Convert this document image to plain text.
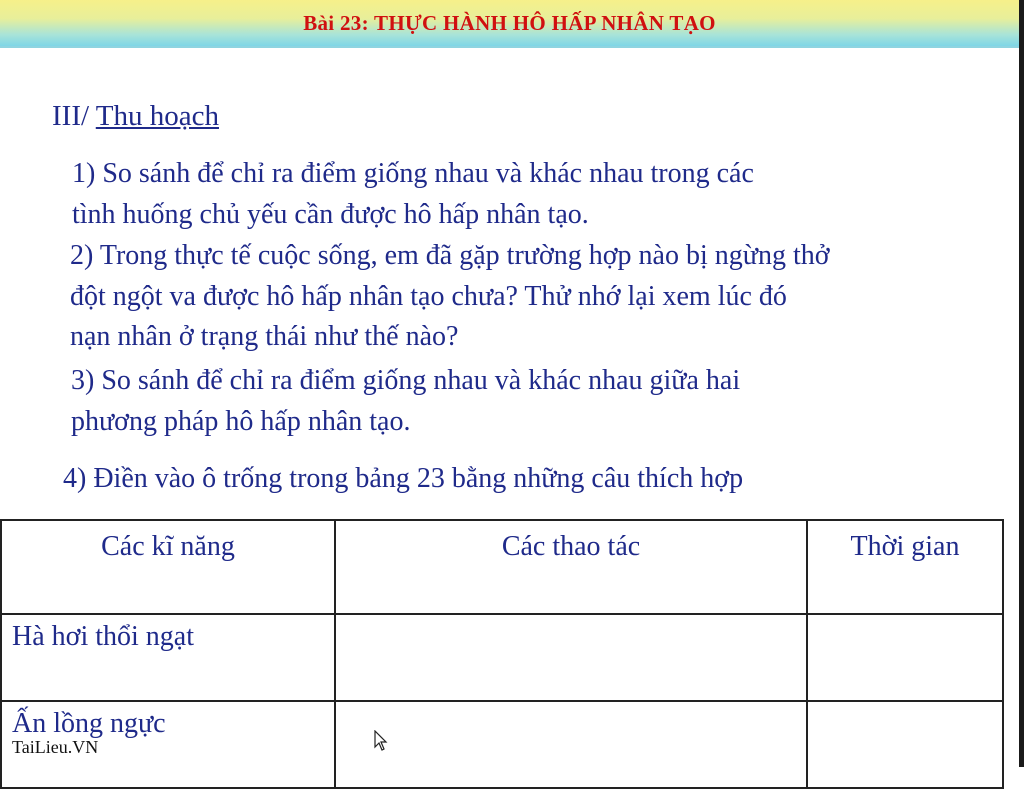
Bài 23: THỰC HÀNH HÔ HẤP NHÂN TẠO
III/ Thu hoạch
1) So sánh để chỉ ra điểm giống nhau và khác nhau trong các
tình huống chủ yếu cần được hô hấp nhân tạo.
2) Trong thực tế cuộc sống, em đã gặp trường hợp nào bị ngừng thở
đột ngột va được hô hấp nhân tạo chưa? Thử nhớ lại xem lúc đó
nạn nhân ở trạng thái như thế nào?
3) So sánh để chỉ ra điểm giống nhau và khác nhau giữa hai
phương pháp hô hấp nhân tạo.
4) Điền vào ô trống trong bảng 23 bằng những câu thích hợp
Các kĩ năng	Các thao tác	Thời gian
Hà hơi thổi ngạt		
Ấn lồng ngực		
TaiLieu.VN
